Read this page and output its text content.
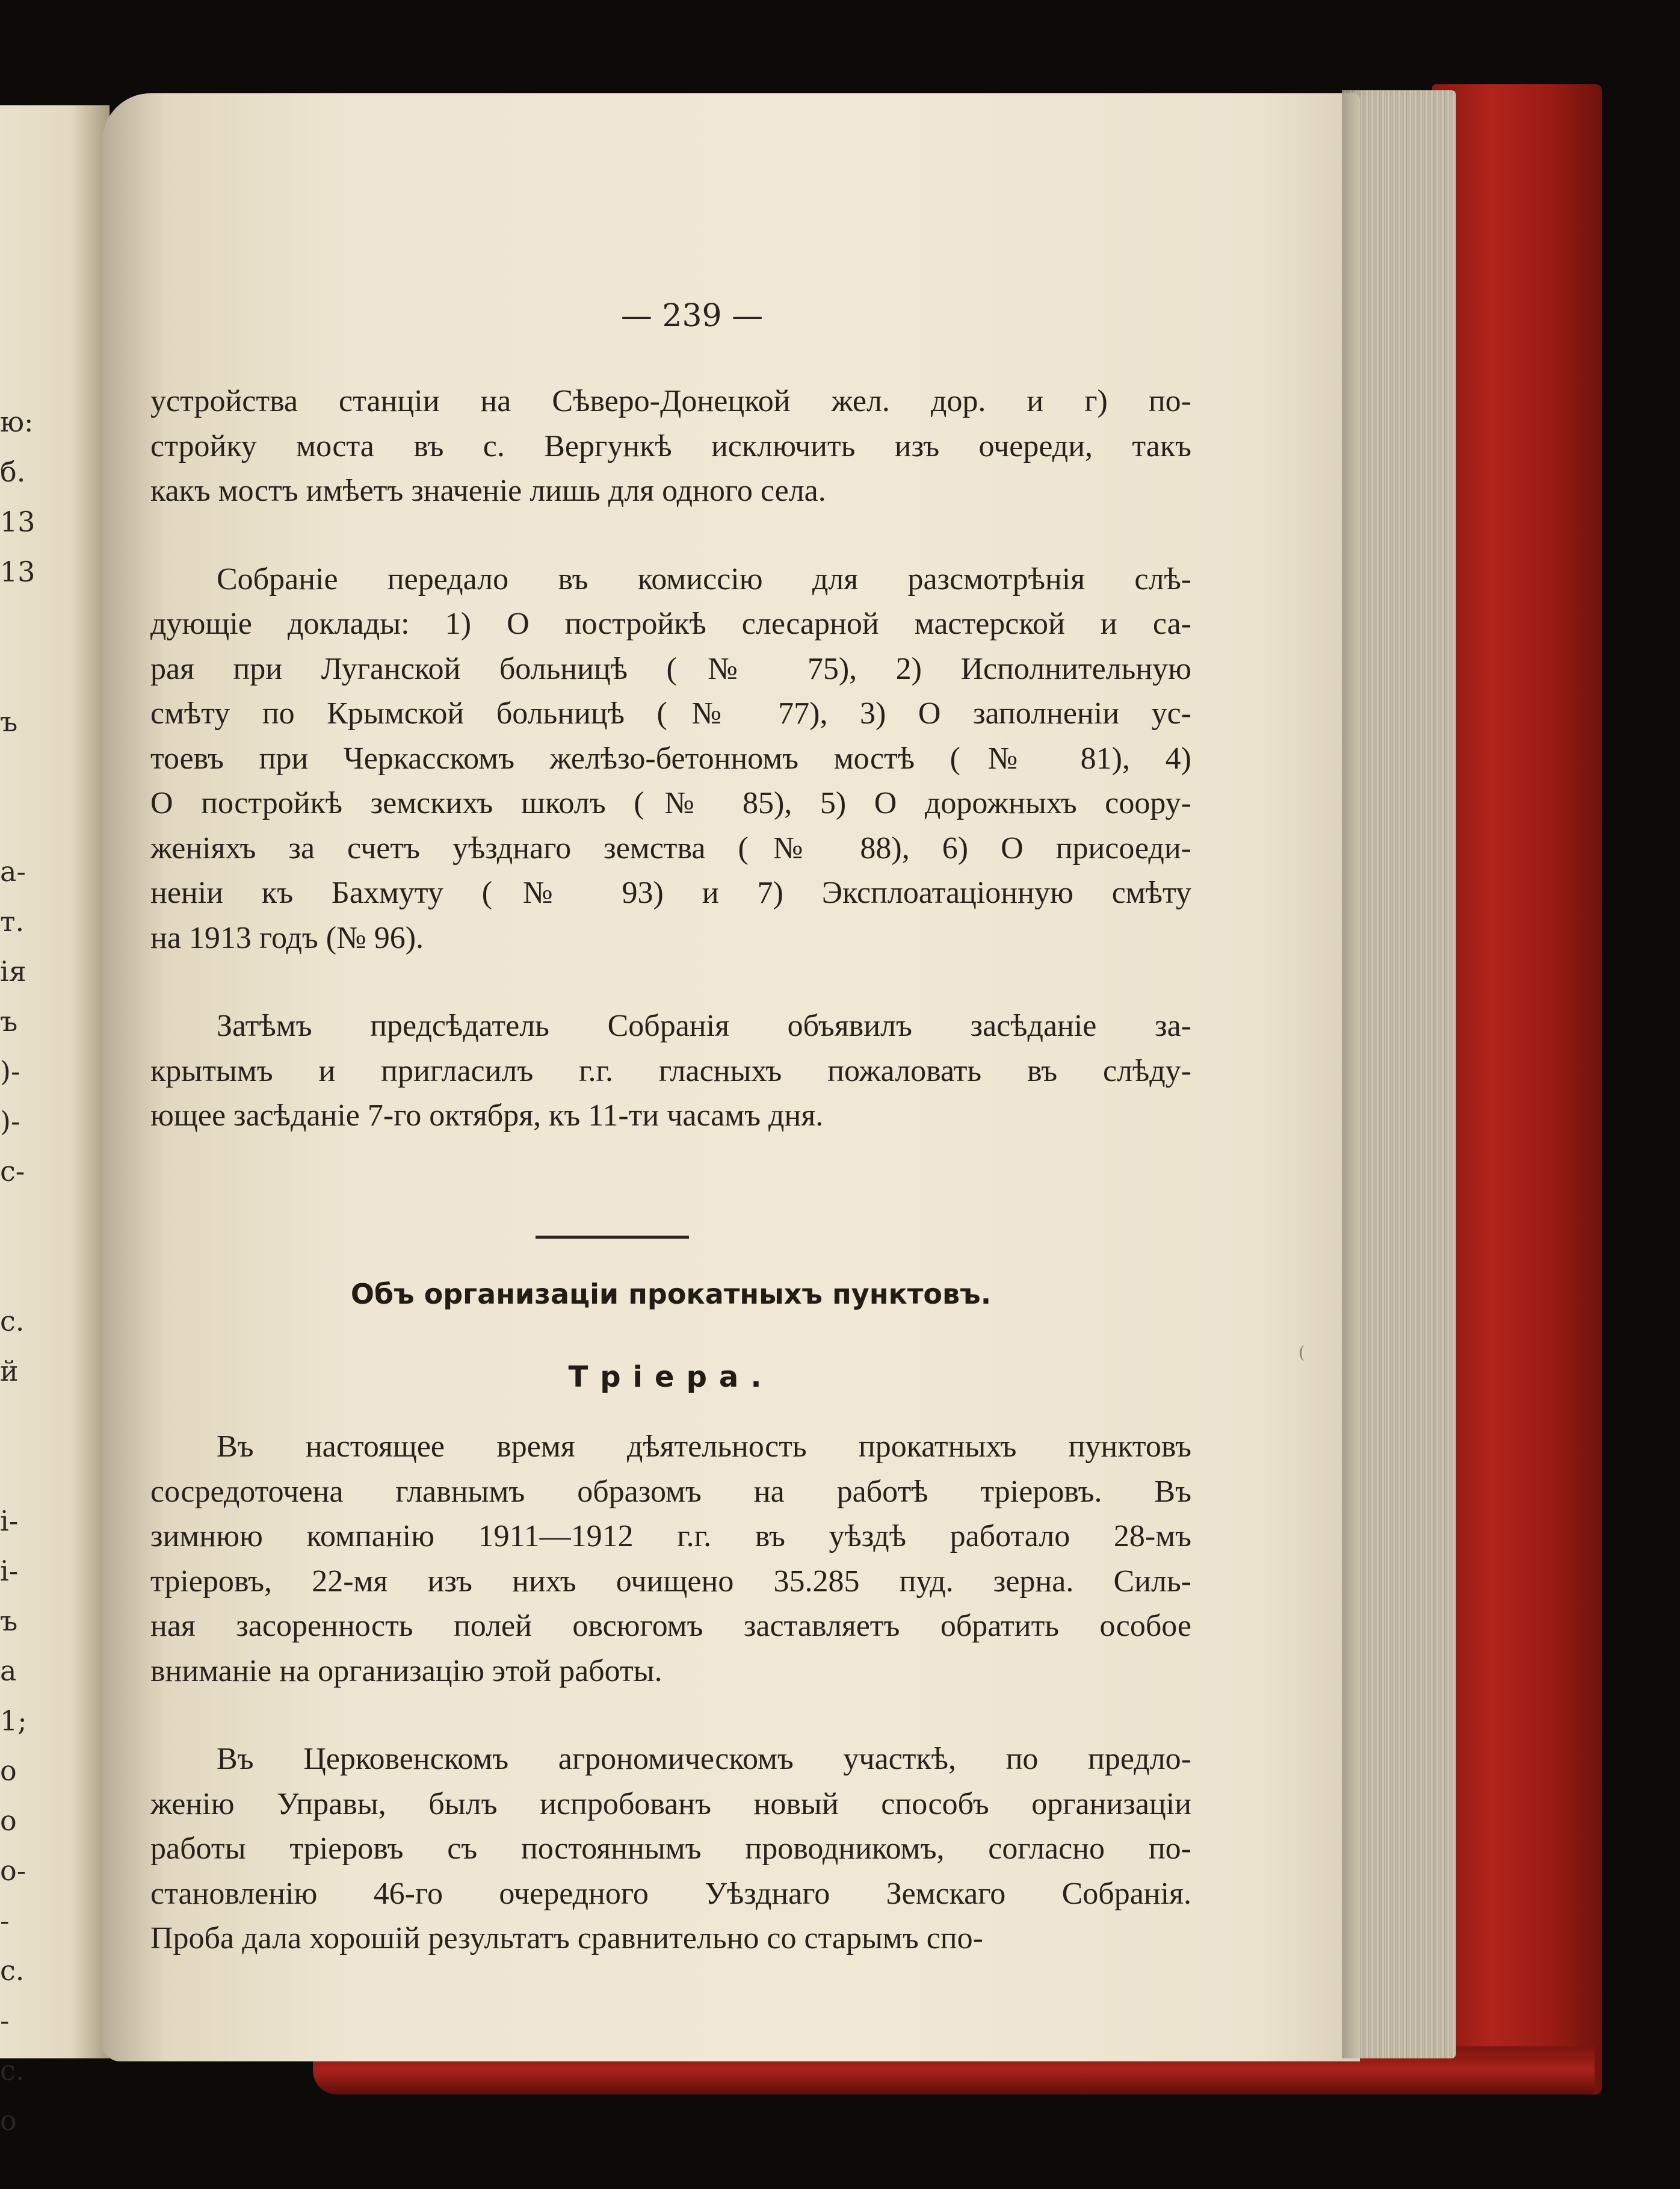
ю:
б.
13
13
ъ
а-
т.
ія
ъ
)-
)-
с-
с.
й
і-
і-
ъ
а
1;
о
о
о-
-
с.
-
с.
о
— 239 —

устройства станціи на Сѣверо-Донецкой жел. дор. и г) по-
стройку моста въ с. Вергункѣ исключить изъ очереди, такъ
какъ мостъ имѣетъ значеніе лишь для одного села.

Собраніе передало въ комиссію для разсмотрѣнія слѣ-
дующіе доклады: 1) О постройкѣ слесарной мастерской и са-
рая при Луганской больницѣ (№ 75), 2) Исполнительную
смѣту по Крымской больницѣ (№ 77), 3) О заполненіи ус-
тоевъ при Черкасскомъ желѣзо-бетонномъ мостѣ (№ 81), 4)
О постройкѣ земскихъ школъ (№ 85), 5) О дорожныхъ соору-
женіяхъ за счетъ уѣзднаго земства (№ 88), 6) О присоеди-
неніи къ Бахмуту (№ 93) и 7) Эксплоатаціонную смѣту
на 1913 годъ (№ 96).

Затѣмъ предсѣдатель Собранія объявилъ засѣданіе за-
крытымъ и пригласилъ г.г. гласныхъ пожаловать въ слѣду-
ющее засѣданіе 7-го октября, къ 11-ти часамъ дня.

Объ организаціи прокатныхъ пунктовъ.
Тріера.

Въ настоящее время дѣятельность прокатныхъ пунктовъ
сосредоточена главнымъ образомъ на работѣ тріеровъ. Въ
зимнюю компанію 1911—1912 г.г. въ уѣздѣ работало 28-мъ
тріеровъ, 22-мя изъ нихъ очищено 35.285 пуд. зерна. Силь-
ная засоренность полей овсюгомъ заставляетъ обратить особое
вниманіе на организацію этой работы.

Въ Церковенскомъ агрономическомъ участкѣ, по предло-
женію Управы, былъ испробованъ новый способъ организаціи
работы тріеровъ съ постояннымъ проводникомъ, согласно по-
становленію 46-го очередного Уѣзднаго Земскаго Собранія.
Проба дала хорошій результатъ сравнительно со старымъ спо-
